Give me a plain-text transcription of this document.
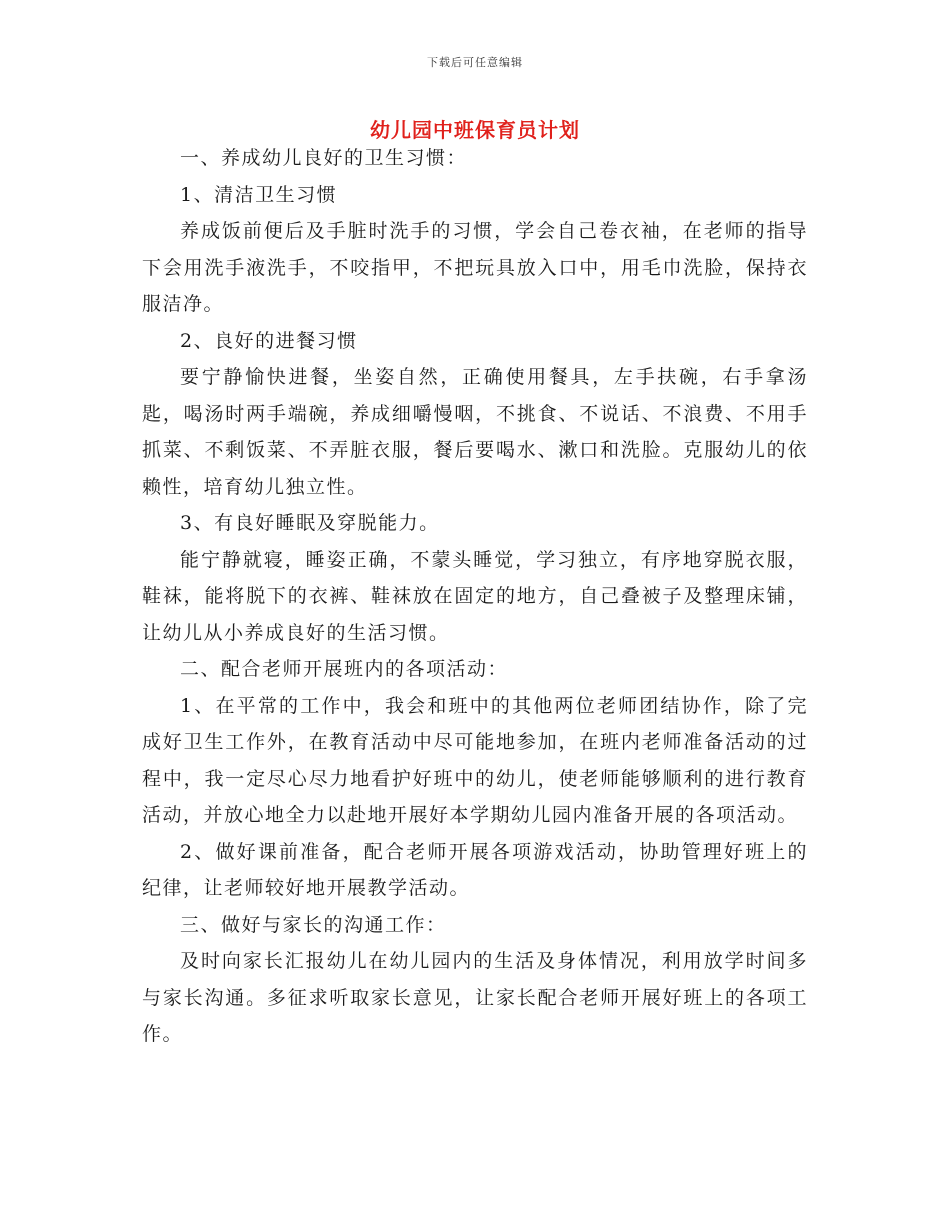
下载后可任意编辑
幼儿园中班保育员计划

一、养成幼儿良好的卫生习惯：

1、清洁卫生习惯

养成饭前便后及手脏时洗手的习惯，学会自己卷衣袖，在老师的指导下会用洗手液洗手，不咬指甲，不把玩具放入口中，用毛巾洗脸，保持衣服洁净。

2、良好的进餐习惯

要宁静愉快进餐，坐姿自然，正确使用餐具，左手扶碗，右手拿汤匙，喝汤时两手端碗，养成细嚼慢咽，不挑食、不说话、不浪费、不用手抓菜、不剩饭菜、不弄脏衣服，餐后要喝水、漱口和洗脸。克服幼儿的依赖性，培育幼儿独立性。

3、有良好睡眠及穿脱能力。

能宁静就寝，睡姿正确，不蒙头睡觉，学习独立，有序地穿脱衣服，鞋袜，能将脱下的衣裤、鞋袜放在固定的地方，自己叠被子及整理床铺，让幼儿从小养成良好的生活习惯。

二、配合老师开展班内的各项活动：

1、在平常的工作中，我会和班中的其他两位老师团结协作，除了完成好卫生工作外，在教育活动中尽可能地参加，在班内老师准备活动的过程中，我一定尽心尽力地看护好班中的幼儿，使老师能够顺利的进行教育活动，并放心地全力以赴地开展好本学期幼儿园内准备开展的各项活动。

2、做好课前准备，配合老师开展各项游戏活动，协助管理好班上的纪律，让老师较好地开展教学活动。

三、做好与家长的沟通工作：

及时向家长汇报幼儿在幼儿园内的生活及身体情况，利用放学时间多与家长沟通。多征求听取家长意见，让家长配合老师开展好班上的各项工作。
